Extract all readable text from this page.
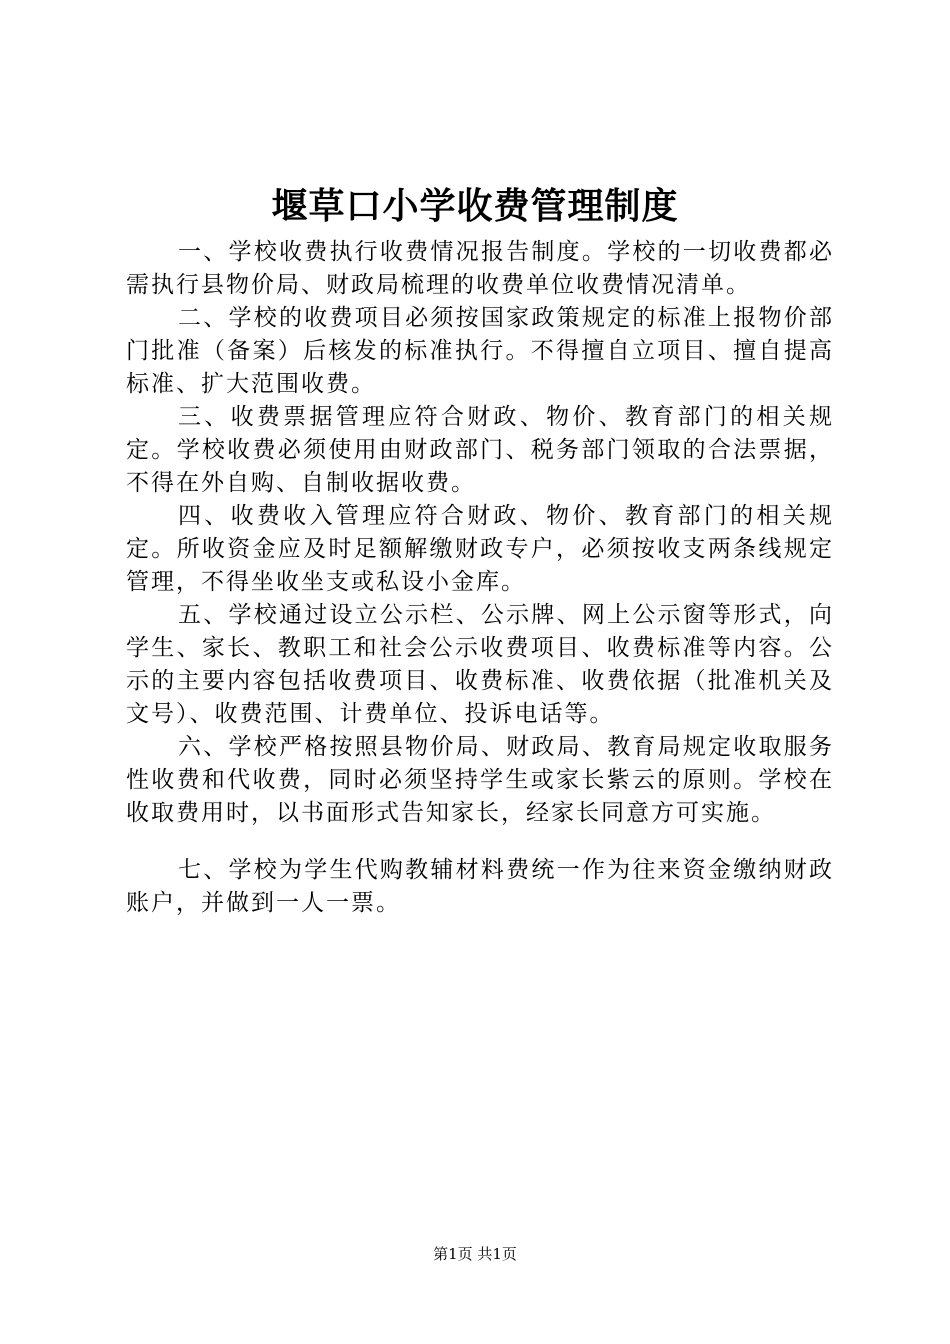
堰草口小学收费管理制度

一、学校收费执行收费情况报告制度。学校的一切收费都必需执行县物价局、财政局梳理的收费单位收费情况清单。

二、学校的收费项目必须按国家政策规定的标准上报物价部门批准（备案）后核发的标准执行。不得擅自立项目、擅自提高标准、扩大范围收费。

三、收费票据管理应符合财政、物价、教育部门的相关规定。学校收费必须使用由财政部门、税务部门领取的合法票据，不得在外自购、自制收据收费。

四、收费收入管理应符合财政、物价、教育部门的相关规定。所收资金应及时足额解缴财政专户，必须按收支两条线规定管理，不得坐收坐支或私设小金库。

五、学校通过设立公示栏、公示牌、网上公示窗等形式，向学生、家长、教职工和社会公示收费项目、收费标准等内容。公示的主要内容包括收费项目、收费标准、收费依据（批准机关及文号）、收费范围、计费单位、投诉电话等。

六、学校严格按照县物价局、财政局、教育局规定收取服务性收费和代收费，同时必须坚持学生或家长紫云的原则。学校在收取费用时，以书面形式告知家长，经家长同意方可实施。

七、学校为学生代购教辅材料费统一作为往来资金缴纳财政账户，并做到一人一票。

第1页 共1页
